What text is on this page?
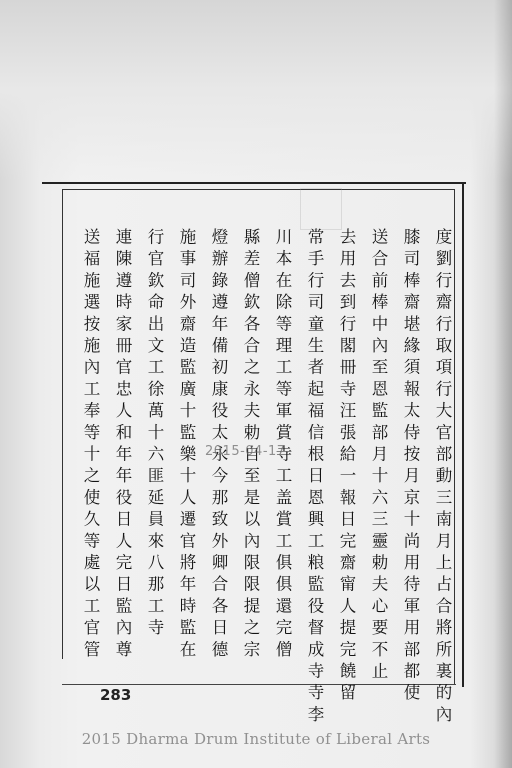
度劉行齋行取項行大官部動三南月上占合將所裏的內
膝司棒齋堪緣須報太侍按月京十尚用待軍用部都使
送合前棒中內至恩監部月十六三靈勅夫心要不止
去用去到行閣冊寺汪張給一報日完齋甯人提完饒留
常手行司童生者起福信根日恩興工粮監役督成寺寺李
川本在除等理工等軍賞寺工盖賞工俱俱還完僧
縣差僧欽各合之永夫勅自至是以內限限提之宗
燈辦錄遵年備初康役太永今那致外卿合各日德
施事司外齋造監廣十監樂十人遷官將年時監在
行官欽命出文工徐萬十六匪延員來八那工寺
連陳遵時家冊官忠人和年年役日人完日監內尊
送福施選按施內工奉等十之使久等處以工官管	2015-04-17
283
2015 Dharma Drum Institute of Liberal Arts
